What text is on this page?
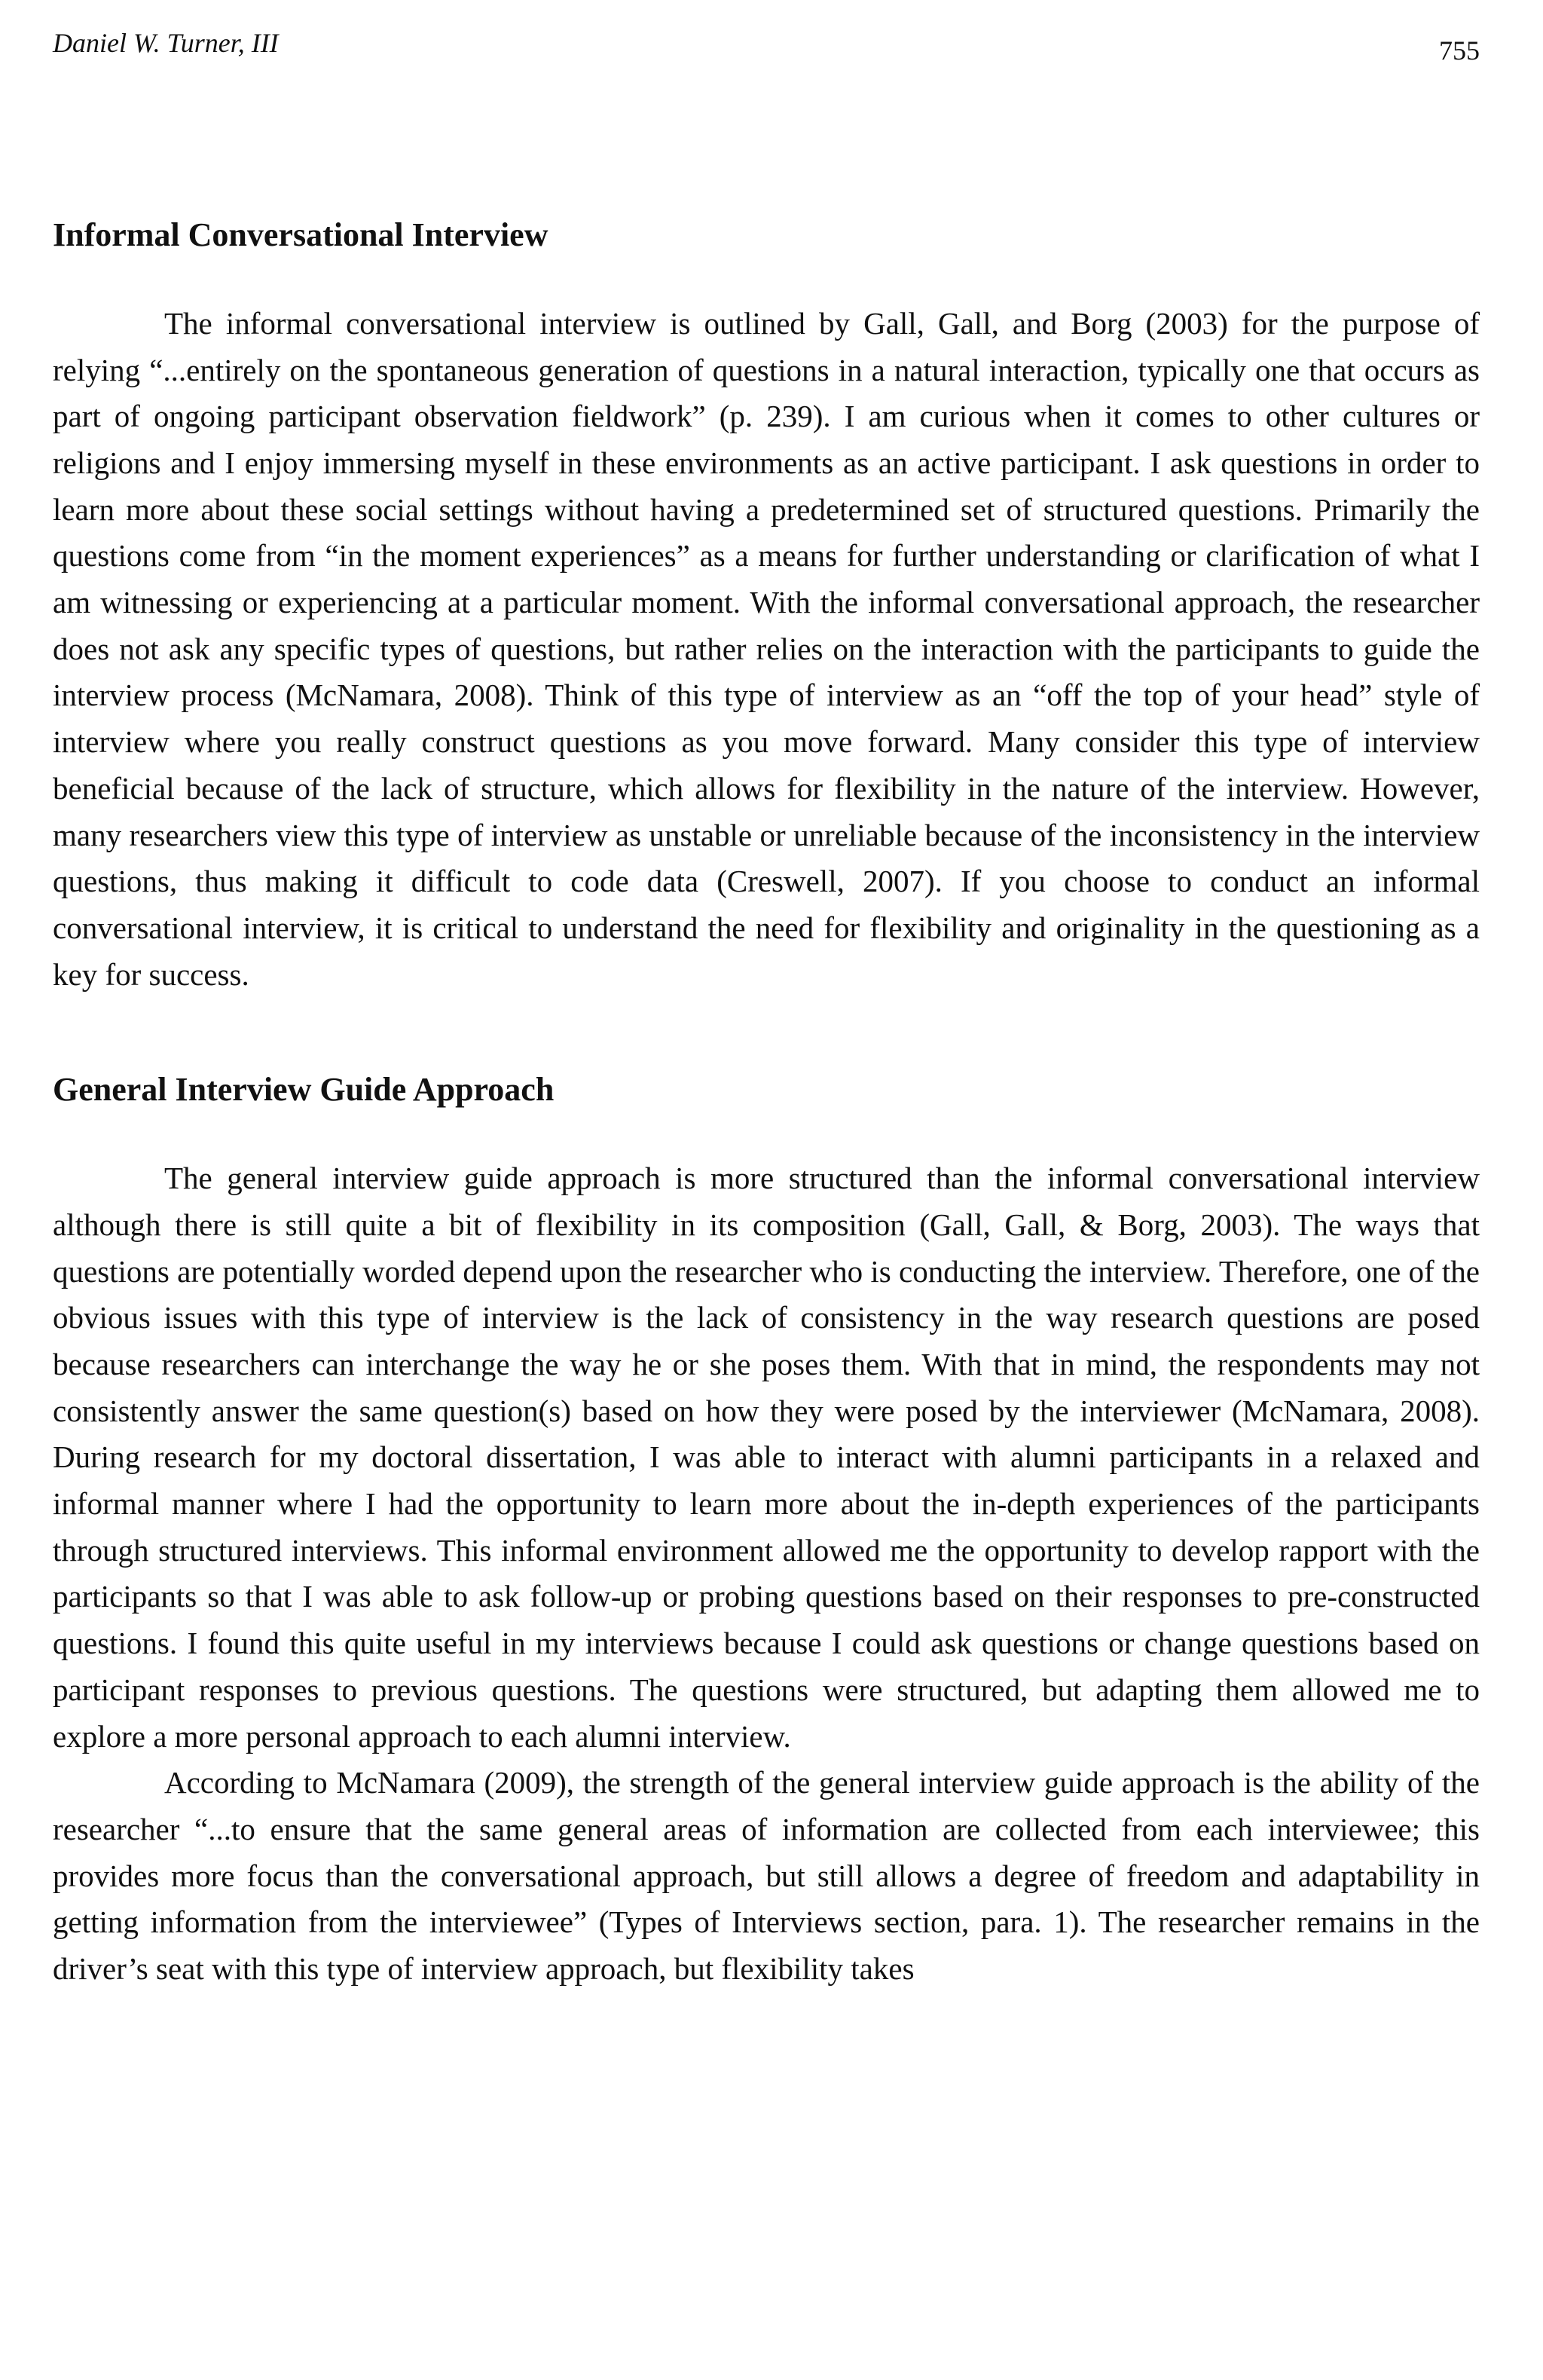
Daniel W. Turner, III	755
Informal Conversational Interview

The informal conversational interview is outlined by Gall, Gall, and Borg (2003) for the purpose of relying “...entirely on the spontaneous generation of questions in a natural interaction, typically one that occurs as part of ongoing participant observation fieldwork” (p. 239). I am curious when it comes to other cultures or religions and I enjoy immersing myself in these environments as an active participant. I ask questions in order to learn more about these social settings without having a predetermined set of structured questions. Primarily the questions come from “in the moment experiences” as a means for further understanding or clarification of what I am witnessing or experiencing at a particular moment. With the informal conversational approach, the researcher does not ask any specific types of questions, but rather relies on the interaction with the participants to guide the interview process (McNamara, 2008). Think of this type of interview as an “off the top of your head” style of interview where you really construct questions as you move forward. Many consider this type of interview beneficial because of the lack of structure, which allows for flexibility in the nature of the interview. However, many researchers view this type of interview as unstable or unreliable because of the inconsistency in the interview questions, thus making it difficult to code data (Creswell, 2007). If you choose to conduct an informal conversational interview, it is critical to understand the need for flexibility and originality in the questioning as a key for success.

General Interview Guide Approach

The general interview guide approach is more structured than the informal conversational interview although there is still quite a bit of flexibility in its composition (Gall, Gall, & Borg, 2003). The ways that questions are potentially worded depend upon the researcher who is conducting the interview. Therefore, one of the obvious issues with this type of interview is the lack of consistency in the way research questions are posed because researchers can interchange the way he or she poses them. With that in mind, the respondents may not consistently answer the same question(s) based on how they were posed by the interviewer (McNamara, 2008). During research for my doctoral dissertation, I was able to interact with alumni participants in a relaxed and informal manner where I had the opportunity to learn more about the in-depth experiences of the participants through structured interviews. This informal environment allowed me the opportunity to develop rapport with the participants so that I was able to ask follow-up or probing questions based on their responses to pre-constructed questions. I found this quite useful in my interviews because I could ask questions or change questions based on participant responses to previous questions. The questions were structured, but adapting them allowed me to explore a more personal approach to each alumni interview.

According to McNamara (2009), the strength of the general interview guide approach is the ability of the researcher “...to ensure that the same general areas of information are collected from each interviewee; this provides more focus than the conversational approach, but still allows a degree of freedom and adaptability in getting information from the interviewee” (Types of Interviews section, para. 1). The researcher remains in the driver’s seat with this type of interview approach, but flexibility takes
